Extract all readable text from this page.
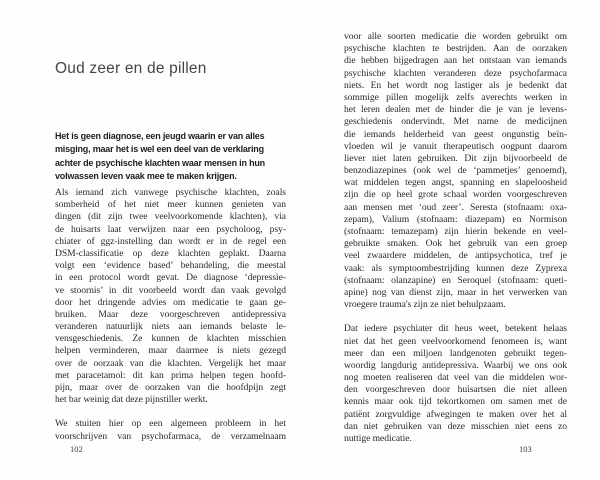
Oud zeer en de pillen
Het is geen diagnose, een jeugd waarin er van alles
misging, maar het is wel een deel van de verklaring
achter de psychische klachten waar mensen in hun
volwassen leven vaak mee te maken krijgen.
Als iemand zich vanwege psychische klachten, zoals
somberheid of het niet meer kunnen genieten van
dingen (dit zijn twee veelvoorkomende klachten), via
de huisarts laat verwijzen naar een psycholoog, psy-
chiater of ggz-instelling dan wordt er in de regel een
DSM-classificatie op deze klachten geplakt. Daarna
volgt een ‘evidence based’ behandeling, die meestal
in een protocol wordt gevat. De diagnose ‘depressie-
ve stoornis’ in dit voorbeeld wordt dan vaak gevolgd
door het dringende advies om medicatie te gaan ge-
bruiken. Maar deze voorgeschreven antidepressiva
veranderen natuurlijk niets aan iemands belaste le-
vensgeschiedenis. Ze kunnen de klachten misschien
helpen verminderen, maar daarmee is niets gezegd
over de oorzaak van die klachten. Vergelijk het maar
met paracetamol: dit kan prima helpen tegen hoofd-
pijn, maar over de oorzaken van die hoofdpijn zegt
het bar weinig dat deze pijnstiller werkt.
We stuiten hier op een algemeen probleem in het
voorschrijven van psychofarmaca, de verzamelnaam
voor alle soorten medicatie die worden gebruikt om
psychische klachten te bestrijden. Aan de oorzaken
die hebben bijgedragen aan het ontstaan van iemands
psychische klachten veranderen deze psychofarmaca
niets. En het wordt nog lastiger als je bedenkt dat
sommige pillen mogelijk zelfs averechts werken in
het leren dealen met de hinder die je van je levens-
geschiedenis ondervindt. Met name de medicijnen
die iemands helderheid van geest ongunstig beïn-
vloeden wil je vanuit therapeutisch oogpunt daarom
liever niet laten gebruiken. Dit zijn bijvoorbeeld de
benzodiazepines (ook wel de ‘pammetjes’ genoemd),
wat middelen tegen angst, spanning en slapeloosheid
zijn die op heel grote schaal worden voorgeschreven
aan mensen met ‘oud zeer’. Seresta (stofnaam: oxa-
zepam), Valium (stofnaam: diazepam) en Normison
(stofnaam: temazepam) zijn hierin bekende en veel-
gebruikte smaken. Ook het gebruik van een groep
veel zwaardere middelen, de antipsychotica, tref je
vaak: als symptoombestrijding kunnen deze Zyprexa
(stofnaam: olanzapine) en Seroquel (stofnaam: queti-
apine) nog van dienst zijn, maar in het verwerken van
vroegere trauma's zijn ze niet behulpzaam.
Dat iedere psychiater dit heus weet, betekent helaas
niet dat het geen veelvoorkomend fenomeen is, want
meer dan een miljoen landgenoten gebruikt tegen-
woordig langdurig antidepressiva. Waarbij we ons ook
nog moeten realiseren dat veel van die middelen wor-
den voorgeschreven door huisartsen die niet alleen
kennis maar ook tijd tekortkomen om samen met de
patiënt zorgvuldige afwegingen te maken over het al
dan niet gebruiken van deze misschien niet eens zo
nuttige medicatie.
102	103
